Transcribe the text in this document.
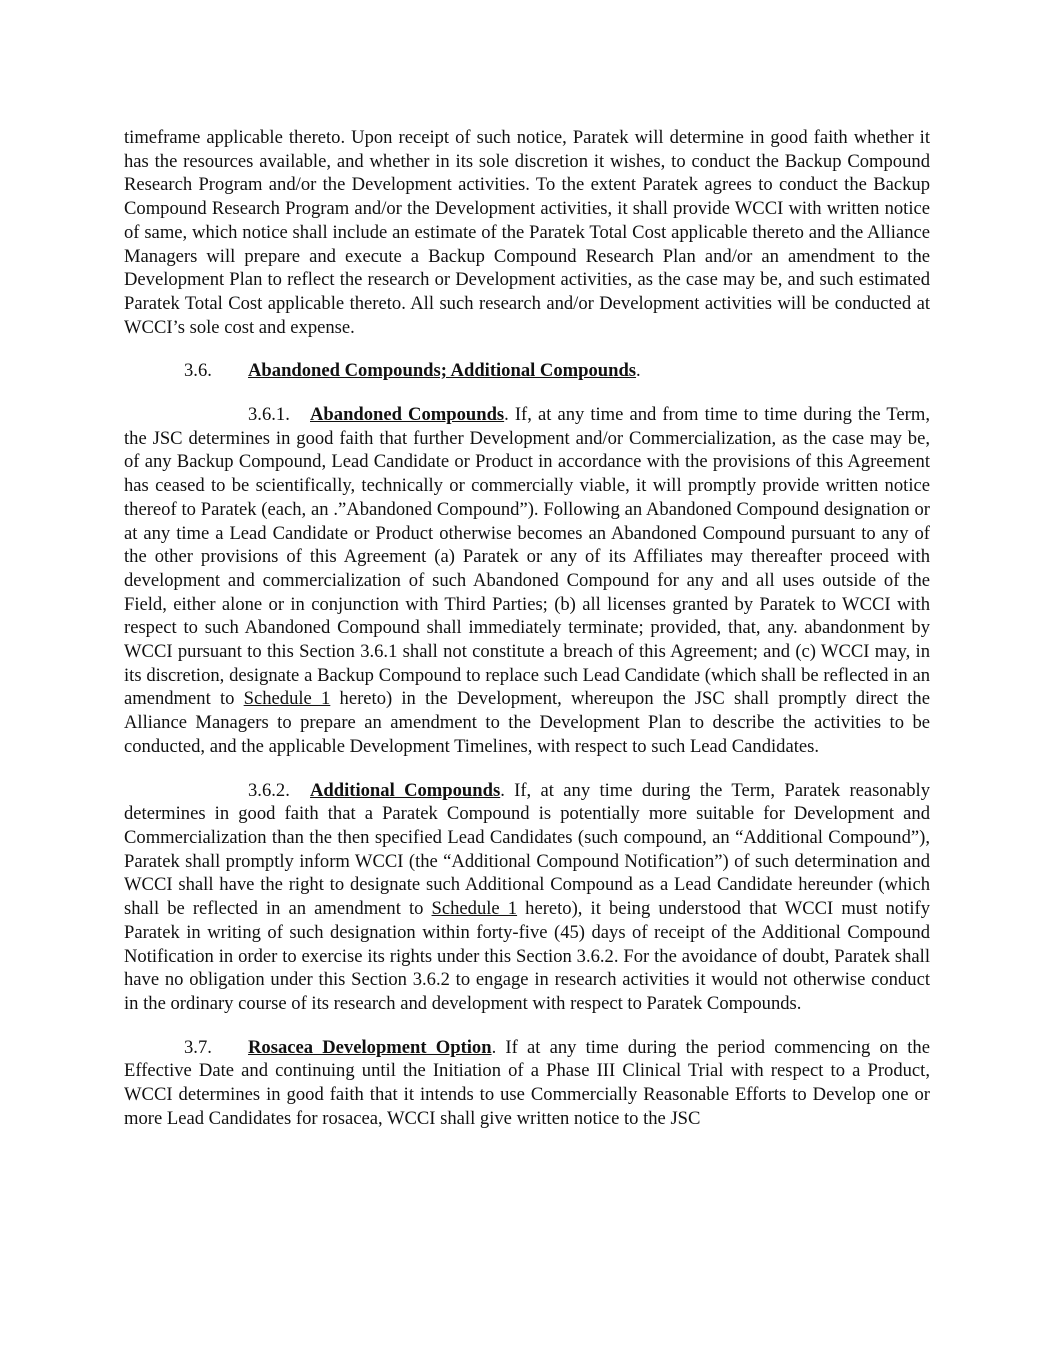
timeframe applicable thereto. Upon receipt of such notice, Paratek will determine in good faith whether it has the resources available, and whether in its sole discretion it wishes, to conduct the Backup Compound Research Program and/or the Development activities. To the extent Paratek agrees to conduct the Backup Compound Research Program and/or the Development activities, it shall provide WCCI with written notice of same, which notice shall include an estimate of the Paratek Total Cost applicable thereto and the Alliance Managers will prepare and execute a Backup Compound Research Plan and/or an amendment to the Development Plan to reflect the research or Development activities, as the case may be, and such estimated Paratek Total Cost applicable thereto. All such research and/or Development activities will be conducted at WCCI’s sole cost and expense.

3.6. Abandoned Compounds; Additional Compounds.

3.6.1. Abandoned Compounds. If, at any time and from time to time during the Term, the JSC determines in good faith that further Development and/or Commercialization, as the case may be, of any Backup Compound, Lead Candidate or Product in accordance with the provisions of this Agreement has ceased to be scientifically, technically or commercially viable, it will promptly provide written notice thereof to Paratek (each, an .”Abandoned Compound”). Following an Abandoned Compound designation or at any time a Lead Candidate or Product otherwise becomes an Abandoned Compound pursuant to any of the other provisions of this Agreement (a) Paratek or any of its Affiliates may thereafter proceed with development and commercialization of such Abandoned Compound for any and all uses outside of the Field, either alone or in conjunction with Third Parties; (b) all licenses granted by Paratek to WCCI with respect to such Abandoned Compound shall immediately terminate; provided, that, any. abandonment by WCCI pursuant to this Section 3.6.1 shall not constitute a breach of this Agreement; and (c) WCCI may, in its discretion, designate a Backup Compound to replace such Lead Candidate (which shall be reflected in an amendment to Schedule 1 hereto) in the Development, whereupon the JSC shall promptly direct the Alliance Managers to prepare an amendment to the Development Plan to describe the activities to be conducted, and the applicable Development Timelines, with respect to such Lead Candidates.

3.6.2. Additional Compounds. If, at any time during the Term, Paratek reasonably determines in good faith that a Paratek Compound is potentially more suitable for Development and Commercialization than the then specified Lead Candidates (such compound, an “Additional Compound”), Paratek shall promptly inform WCCI (the “Additional Compound Notification”) of such determination and WCCI shall have the right to designate such Additional Compound as a Lead Candidate hereunder (which shall be reflected in an amendment to Schedule 1 hereto), it being understood that WCCI must notify Paratek in writing of such designation within forty-five (45) days of receipt of the Additional Compound Notification in order to exercise its rights under this Section 3.6.2. For the avoidance of doubt, Paratek shall have no obligation under this Section 3.6.2 to engage in research activities it would not otherwise conduct in the ordinary course of its research and development with respect to Paratek Compounds.

3.7. Rosacea Development Option. If at any time during the period commencing on the Effective Date and continuing until the Initiation of a Phase III Clinical Trial with respect to a Product, WCCI determines in good faith that it intends to use Commercially Reasonable Efforts to Develop one or more Lead Candidates for rosacea, WCCI shall give written notice to the JSC
